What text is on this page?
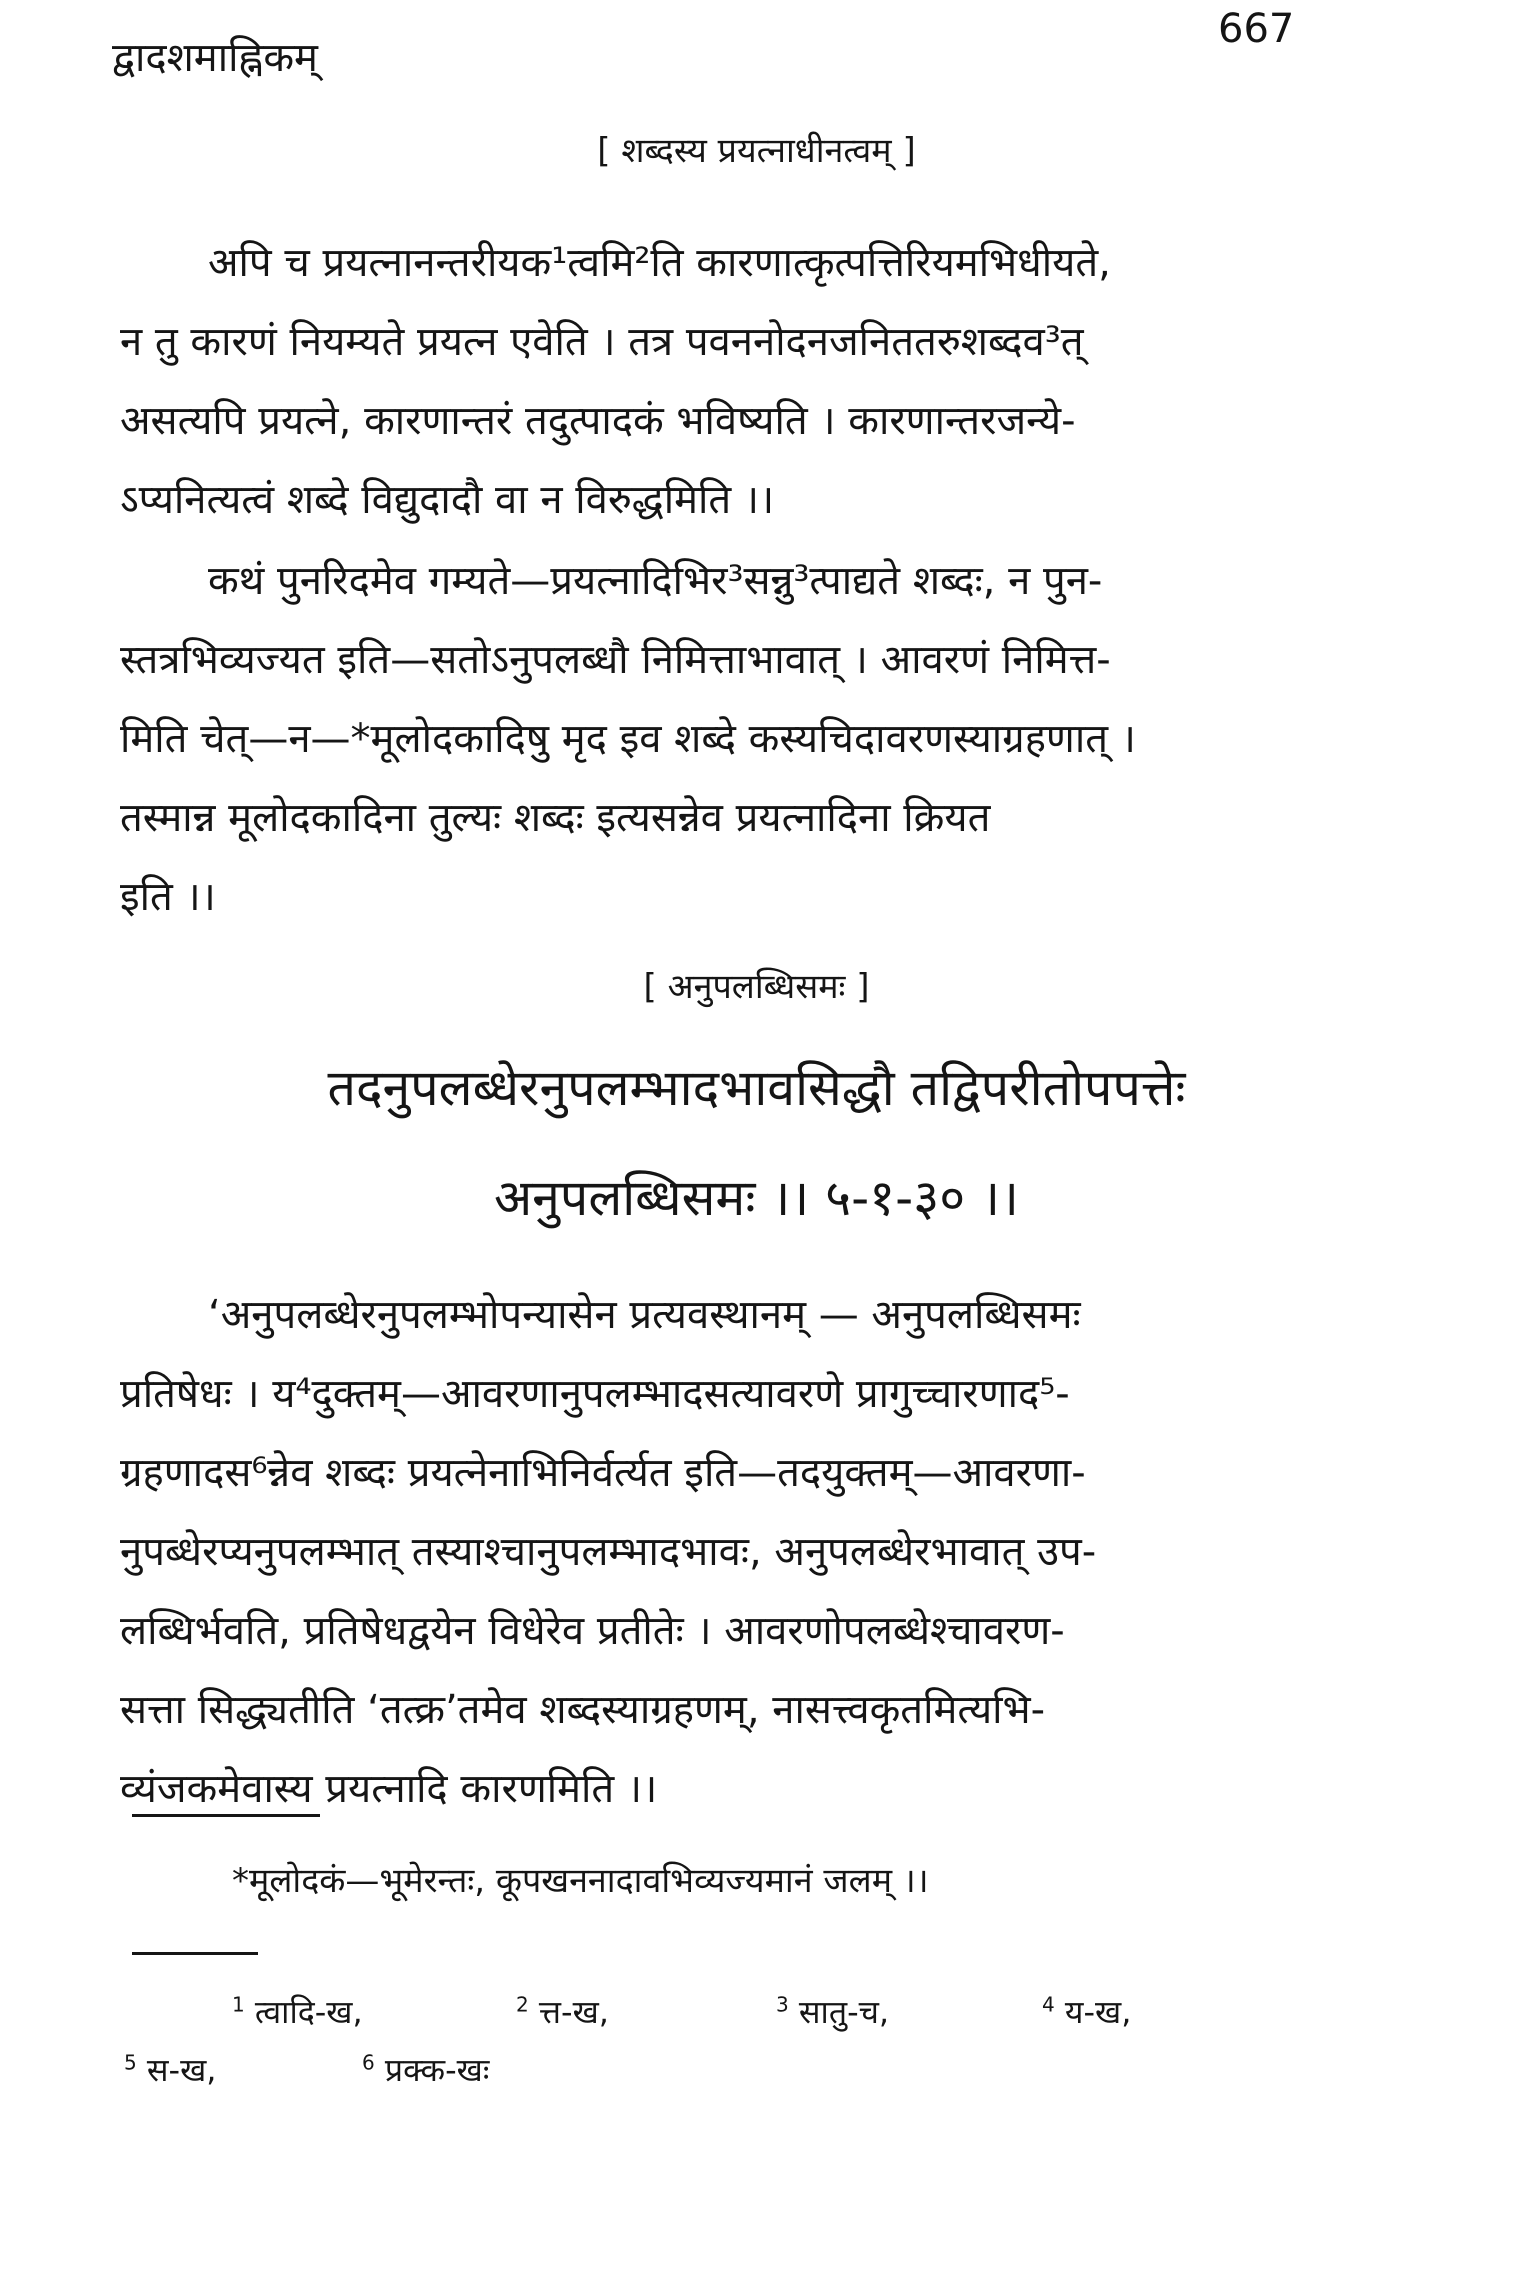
द्वादशमाह्निकम्
667
[ शब्दस्य प्रयत्नाधीनत्वम् ]
अपि च प्रयत्नानन्तरीयक¹त्वमि²ति कारणात्कृत्पत्तिरियमभिधीयते,
न तु कारणं नियम्यते प्रयत्न एवेति । तत्र पवननोदनजनिततरुशब्दव³त्
असत्यपि प्रयत्ने, कारणान्तरं तदुत्पादकं भविष्यति । कारणान्तरजन्ये-
ऽप्यनित्यत्वं शब्दे विद्युदादौ वा न विरुद्धमिति ।।
कथं पुनरिदमेव गम्यते—प्रयत्नादिभिर³सन्नु³त्पाद्यते शब्दः, न पुन-
स्तत्रभिव्यज्यत इति—सतोऽनुपलब्धौ निमित्ताभावात् । आवरणं निमित्त-
मिति चेत्—न—*मूलोदकादिषु मृद इव शब्दे कस्यचिदावरणस्याग्रहणात् ।
तस्मान्न मूलोदकादिना तुल्यः शब्दः इत्यसन्नेव प्रयत्नादिना क्रियत
इति ।।
[ अनुपलब्धिसमः ]
तदनुपलब्धेरनुपलम्भादभावसिद्धौ तद्विपरीतोपपत्तेः
अनुपलब्धिसमः ।। ५-१-३० ।।
‘अनुपलब्धेरनुपलम्भोपन्यासेन प्रत्यवस्थानम् — अनुपलब्धिसमः
प्रतिषेधः । य⁴दुक्तम्—आवरणानुपलम्भादसत्यावरणे प्रागुच्चारणाद⁵-
ग्रहणादस⁶न्नेव शब्दः प्रयत्नेनाभिनिर्वर्त्यत इति—तदयुक्तम्—आवरणा-
नुपब्धेरप्यनुपलम्भात् तस्याश्चानुपलम्भादभावः, अनुपलब्धेरभावात् उप-
लब्धिर्भवति, प्रतिषेधद्वयेन विधेरेव प्रतीतेः । आवरणोपलब्धेश्चावरण-
सत्ता सिद्ध्यतीति ‘तत्क्र’तमेव शब्दस्याग्रहणम्, नासत्त्वकृतमित्यभि-
व्यंजकमेवास्य प्रयत्नादि कारणमिति ।।
*मूलोदकं—भूमेरन्तः, कूपखननादावभिव्यज्यमानं जलम् ।।
$^1$ त्वादि-ख,	$^2$ त्त-ख,	$^3$ सातु-च,	$^4$ य-ख,
$^5$ स-ख,	$^6$ प्रक्क-खः
